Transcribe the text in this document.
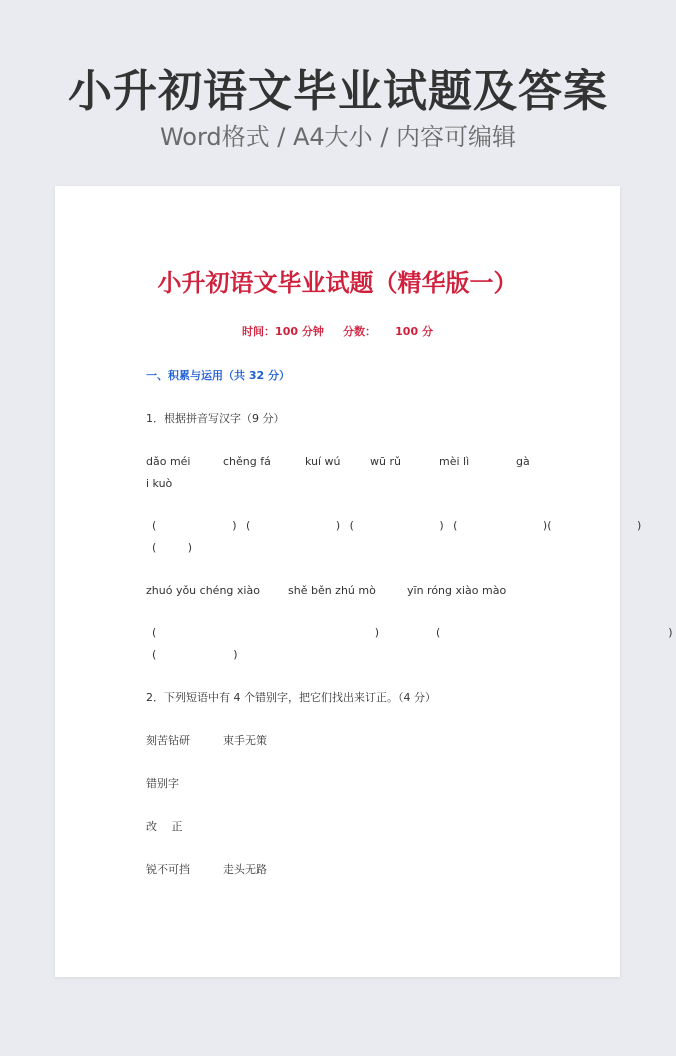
小升初语文毕业试题及答案
Word格式 / A4大小 / 内容可编辑
小升初语文毕业试题（精华版一）
时间：100 分钟 分数： 100 分
一、积累与运用（共 32 分）
1．根据拼音写汉字（9 分）
dǎo méi	chěng fá	kuí wú	wū rǔ	mèi lì	gà
i kuò
(        ) (         ) (         ) (         )(         )
(         )
zhuó yǒu chéng xiào	shě běn zhú mò	yīn róng xiào mào
(                       )      (                        )
(                      )
2．下列短语中有 4 个错别字，把它们找出来订正。（4 分）
刻苦钻研	束手无策
错别字
改　 正
锐不可挡	走头无路
